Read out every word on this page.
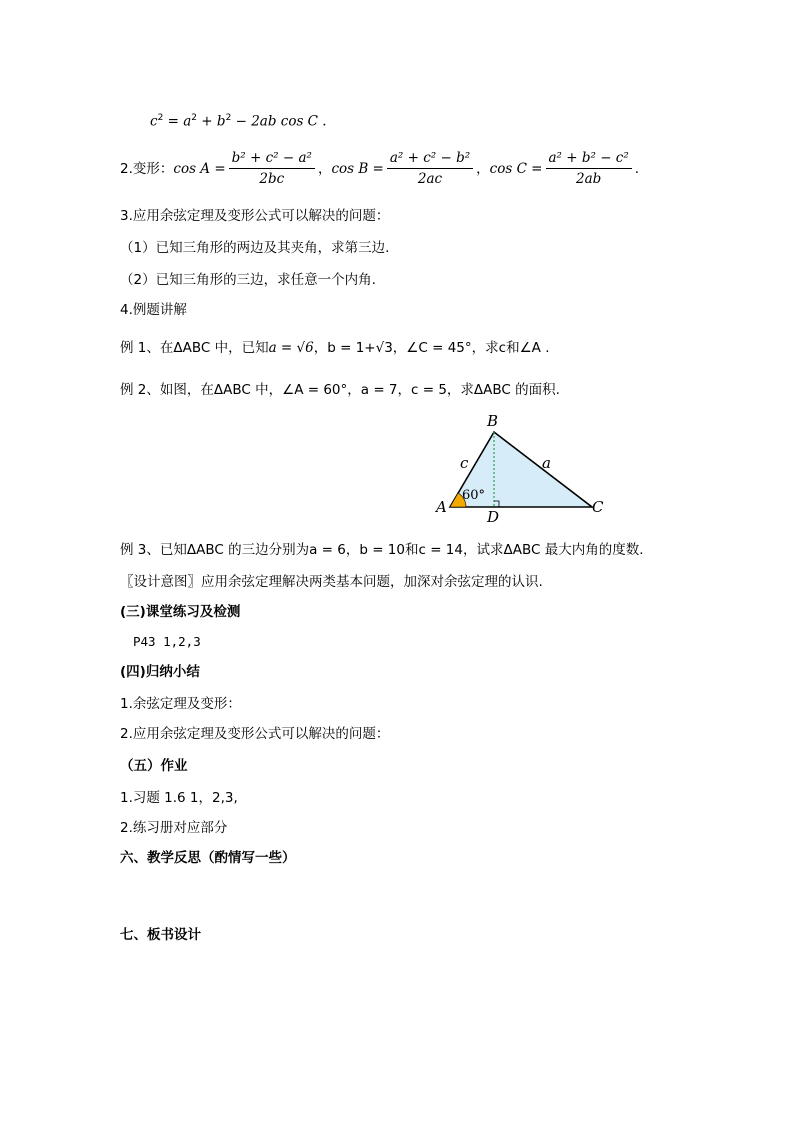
$c^2 = a^2 + b^2 - 2ab$ cos C .
2.变形： $\cos A = \frac{\text{b² + c² − a²}}{2bc}$ ， $\cos B = \frac{\text{a² + c² − b²}}{2ac}$ ， $\cos C = \frac{\text{a² + b² − c²}}{2ab}$ .
3.应用余弦定理及变形公式可以解决的问题：
（1）已知三角形的两边及其夹角，求第三边.
（2）已知三角形的三边，求任意一个内角.
4.例题讲解
例 1、在ΔABC 中，已知a = √6，b = 1+√3，∠C = 45°，求c和∠A .
例 2、如图，在ΔABC 中，∠A = 60°，a = 7，c = 5，求ΔABC 的面积.
B
A	C
D
c	a
60°
例 3、已知ΔABC 的三边分别为a = 6，b = 10和c = 14，试求ΔABC 最大内角的度数.
〖设计意图〗应用余弦定理解决两类基本问题，加深对余弦定理的认识.
(三)课堂练习及检测
P43 1,2,3
(四)归纳小结
1.余弦定理及变形：
2.应用余弦定理及变形公式可以解决的问题：
（五）作业
1.习题 1.6 1，2,3,
2.练习册对应部分
六、教学反思（酌情写一些）
七、板书设计
